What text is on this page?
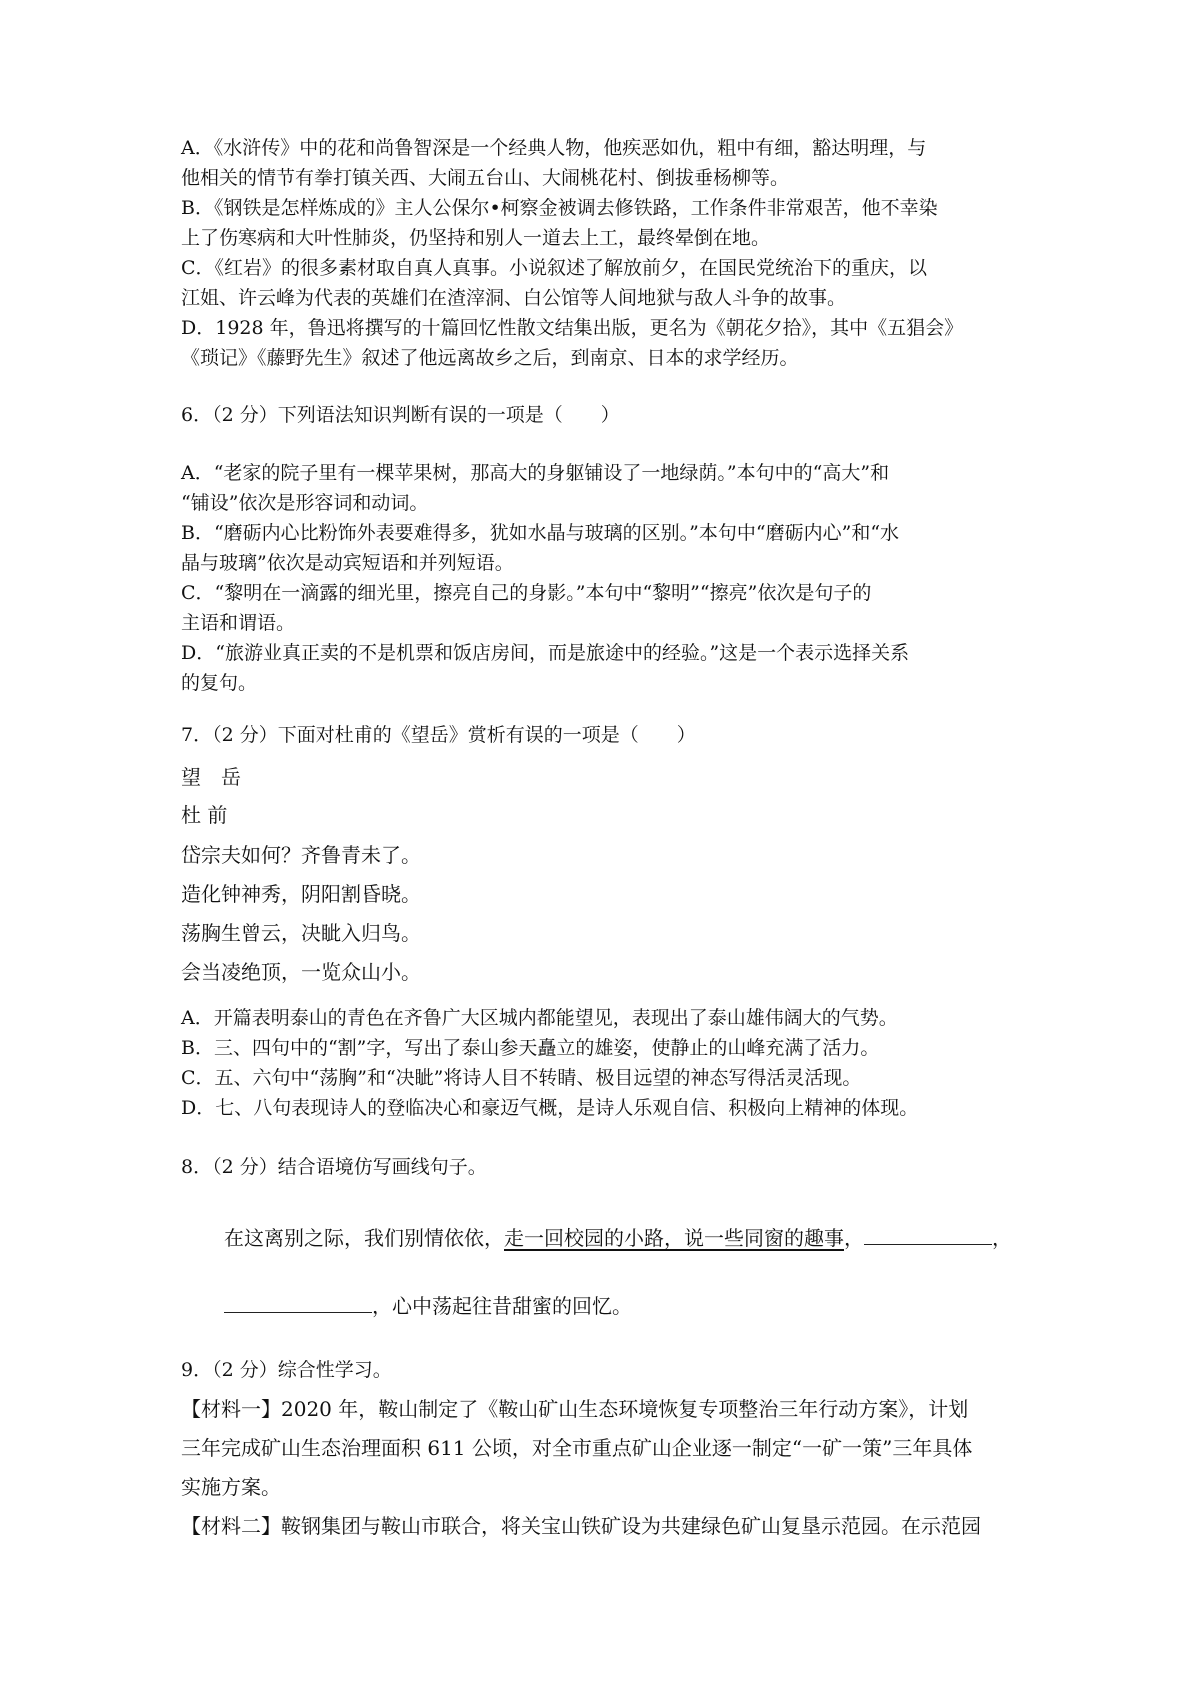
A．《水浒传》中的花和尚鲁智深是一个经典人物，他疾恶如仇，粗中有细，豁达明理，与
他相关的情节有拳打镇关西、大闹五台山、大闹桃花村、倒拔垂杨柳等。
B．《钢铁是怎样炼成的》主人公保尔•柯察金被调去修铁路，工作条件非常艰苦，他不幸染
上了伤寒病和大叶性肺炎，仍坚持和别人一道去上工，最终晕倒在地。
C．《红岩》的很多素材取自真人真事。小说叙述了解放前夕，在国民党统治下的重庆，以
江姐、许云峰为代表的英雄们在渣滓洞、白公馆等人间地狱与敌人斗争的故事。
D．1928 年，鲁迅将撰写的十篇回忆性散文结集出版，更名为《朝花夕拾》，其中《五猖会》
《琐记》《藤野先生》叙述了他远离故乡之后，到南京、日本的求学经历。
6．（2 分）下列语法知识判断有误的一项是（　　）
A．“老家的院子里有一棵苹果树，那高大的身躯铺设了一地绿荫。”本句中的“高大”和
“铺设”依次是形容词和动词。
B．“磨砺内心比粉饰外表要难得多，犹如水晶与玻璃的区别。”本句中“磨砺内心”和“水
晶与玻璃”依次是动宾短语和并列短语。
C．“黎明在一滴露的细光里，擦亮自己的身影。”本句中“黎明”“擦亮”依次是句子的
主语和谓语。
D．“旅游业真正卖的不是机票和饭店房间，而是旅途中的经验。”这是一个表示选择关系
的复句。
7．（2 分）下面对杜甫的《望岳》赏析有误的一项是（　　）
望　岳
杜 前
岱宗夫如何？齐鲁青未了。
造化钟神秀，阴阳割昏晓。
荡胸生曾云，决眦入归鸟。
会当凌绝顶，一览众山小。
A．开篇表明泰山的青色在齐鲁广大区城内都能望见，表现出了泰山雄伟阔大的气势。
B．三、四句中的“割”字，写出了泰山参天矗立的雄姿，使静止的山峰充满了活力。
C．五、六句中“荡胸”和“决眦”将诗人目不转睛、极目远望的神态写得活灵活现。
D．七、八句表现诗人的登临决心和豪迈气概，是诗人乐观自信、积极向上精神的体现。
8．（2 分）结合语境仿写画线句子。
在这离别之际，我们别情依依，走一回校园的小路，说一些同窗的趣事，	，
，心中荡起往昔甜蜜的回忆。
9．（2 分）综合性学习。
【材料一】2020 年，鞍山制定了《鞍山矿山生态环境恢复专项整治三年行动方案》，计划
三年完成矿山生态治理面积 611 公顷，对全市重点矿山企业逐一制定“一矿一策”三年具体
实施方案。
【材料二】鞍钢集团与鞍山市联合，将关宝山铁矿设为共建绿色矿山复垦示范园。在示范园
